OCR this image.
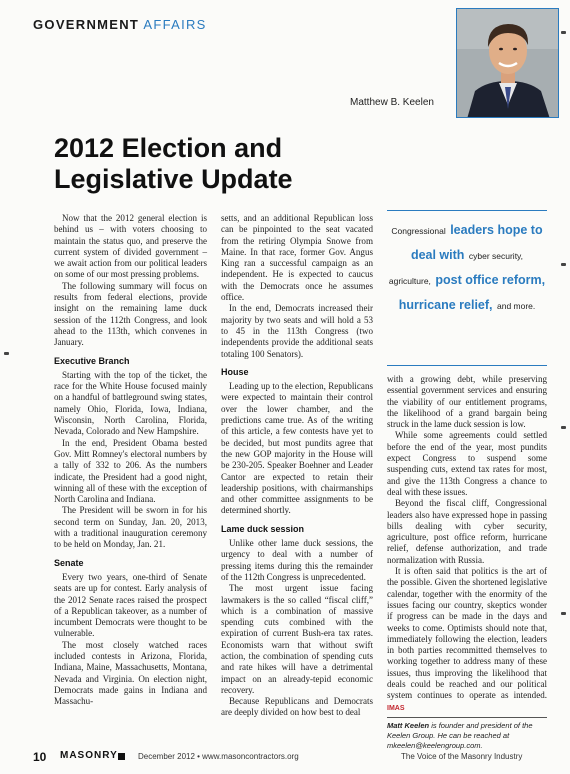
GOVERNMENT AFFAIRS
Matthew B. Keelen
2012 Election and
Legislative Update

Now that the 2012 general election is behind us – with voters choosing to maintain the status quo, and preserve the current system of divided government – we await action from our political leaders on some of our most pressing problems.

The following summary will focus on results from federal elections, provide insight on the remaining lame duck session of the 112th Congress, and look ahead to the 113th, which convenes in January.

Executive Branch

Starting with the top of the ticket, the race for the White House focused mainly on a handful of battleground swing states, namely Ohio, Florida, Iowa, Indiana, Wisconsin, North Carolina, Florida, Nevada, Colorado and New Hampshire.

In the end, President Obama bested Gov. Mitt Romney's electoral numbers by a tally of 332 to 206. As the numbers indicate, the President had a good night, winning all of these with the exception of North Carolina and Indiana.

The President will be sworn in for his second term on Sunday, Jan. 20, 2013, with a traditional inauguration ceremony to be held on Monday, Jan. 21.

Senate

Every two years, one-third of Senate seats are up for contest. Early analysis of the 2012 Senate races raised the prospect of a Republican takeover, as a number of incumbent Democrats were thought to be vulnerable.

The most closely watched races included contests in Arizona, Florida, Indiana, Maine, Massachusetts, Montana, Nevada and Virginia. On election night, Democrats made gains in Indiana and Massachu-

setts, and an additional Republican loss can be pinpointed to the seat vacated from the retiring Olympia Snowe from Maine. In that race, former Gov. Angus King ran a successful campaign as an independent. He is expected to caucus with the Democrats once he assumes office.

In the end, Democrats increased their majority by two seats and will hold a 53 to 45 in the 113th Congress (two independents provide the additional seats totaling 100 Senators).

House

Leading up to the election, Republicans were expected to maintain their control over the lower chamber, and the predictions came true. As of the writing of this article, a few contests have yet to be decided, but most pundits agree that the new GOP majority in the House will be 230-205. Speaker Boehner and Leader Cantor are expected to retain their leadership positions, with chairmanships and other committee assignments to be determined shortly.

Lame duck session

Unlike other lame duck sessions, the urgency to deal with a number of pressing items during this the remainder of the 112th Congress is unprecedented.

The most urgent issue facing lawmakers is the so called “fiscal cliff,” which is a combination of massive spending cuts combined with the expiration of current Bush-era tax rates. Economists warn that without swift action, the combination of spending cuts and rate hikes will have a detrimental impact on an already-tepid economic recovery.

Because Republicans and Democrats are deeply divided on how best to deal

Congressional leaders hope to
deal with cyber security,
agriculture, post office reform,
hurricane relief, and more.

with a growing debt, while preserving essential government services and ensuring the viability of our entitlement programs, the likelihood of a grand bargain being struck in the lame duck session is low.

While some agreements could settled before the end of the year, most pundits expect Congress to suspend some suspending cuts, extend tax rates for most, and give the 113th Congress a chance to deal with these issues.

Beyond the fiscal cliff, Congressional leaders also have expressed hope in passing bills dealing with cyber security, agriculture, post office reform, hurricane relief, defense authorization, and trade normalization with Russia.

It is often said that politics is the art of the possible. Given the shortened legislative calendar, together with the enormity of the issues facing our country, skeptics wonder if progress can be made in the days and weeks to come. Optimists should note that, immediately following the election, leaders in both parties recommitted themselves to working together to address many of these issues, thus improving the likelihood that deals could be reached and our political system continues to operate as intended. IMAS

Matt Keelen is founder and president of the Keelen Group. He can be reached at mkeelen@keelengroup.com.
10 MASONRY	December 2012 • www.masoncontractors.org	The Voice of the Masonry Industry
